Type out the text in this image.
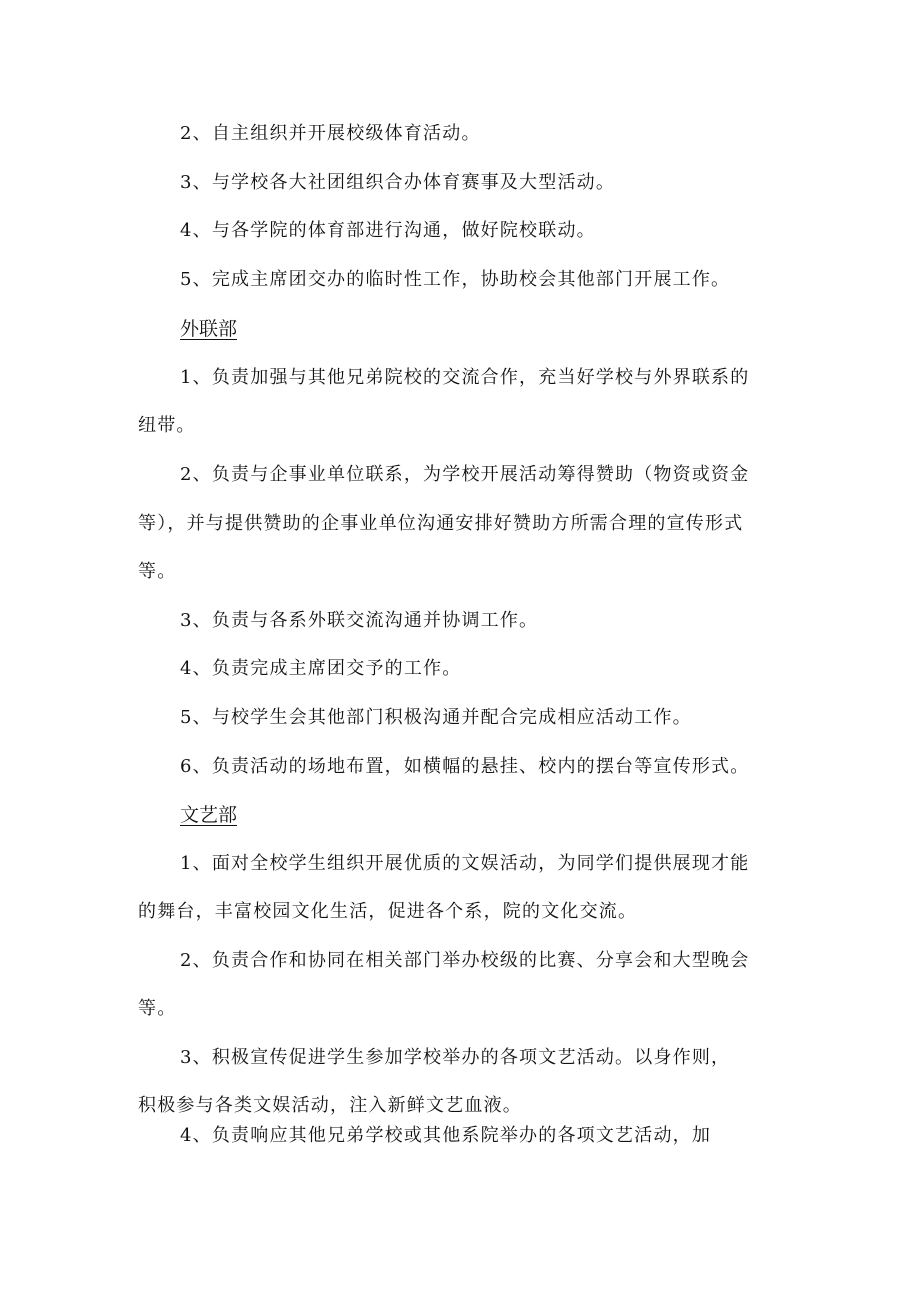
2、自主组织并开展校级体育活动。
3、与学校各大社团组织合办体育赛事及大型活动。
4、与各学院的体育部进行沟通，做好院校联动。
5、完成主席团交办的临时性工作，协助校会其他部门开展工作。
外联部
1、负责加强与其他兄弟院校的交流合作，充当好学校与外界联系的
纽带。
2、负责与企事业单位联系，为学校开展活动筹得赞助（物资或资金
等），并与提供赞助的企事业单位沟通安排好赞助方所需合理的宣传形式
等。
3、负责与各系外联交流沟通并协调工作。
4、负责完成主席团交予的工作。
5、与校学生会其他部门积极沟通并配合完成相应活动工作。
6、负责活动的场地布置，如横幅的悬挂、校内的摆台等宣传形式。
文艺部
1、面对全校学生组织开展优质的文娱活动，为同学们提供展现才能
的舞台，丰富校园文化生活，促进各个系，院的文化交流。
2、负责合作和协同在相关部门举办校级的比赛、分享会和大型晚会
等。
3、积极宣传促进学生参加学校举办的各项文艺活动。以身作则，
积极参与各类文娱活动，注入新鲜文艺血液。
4、负责响应其他兄弟学校或其他系院举办的各项文艺活动，加
